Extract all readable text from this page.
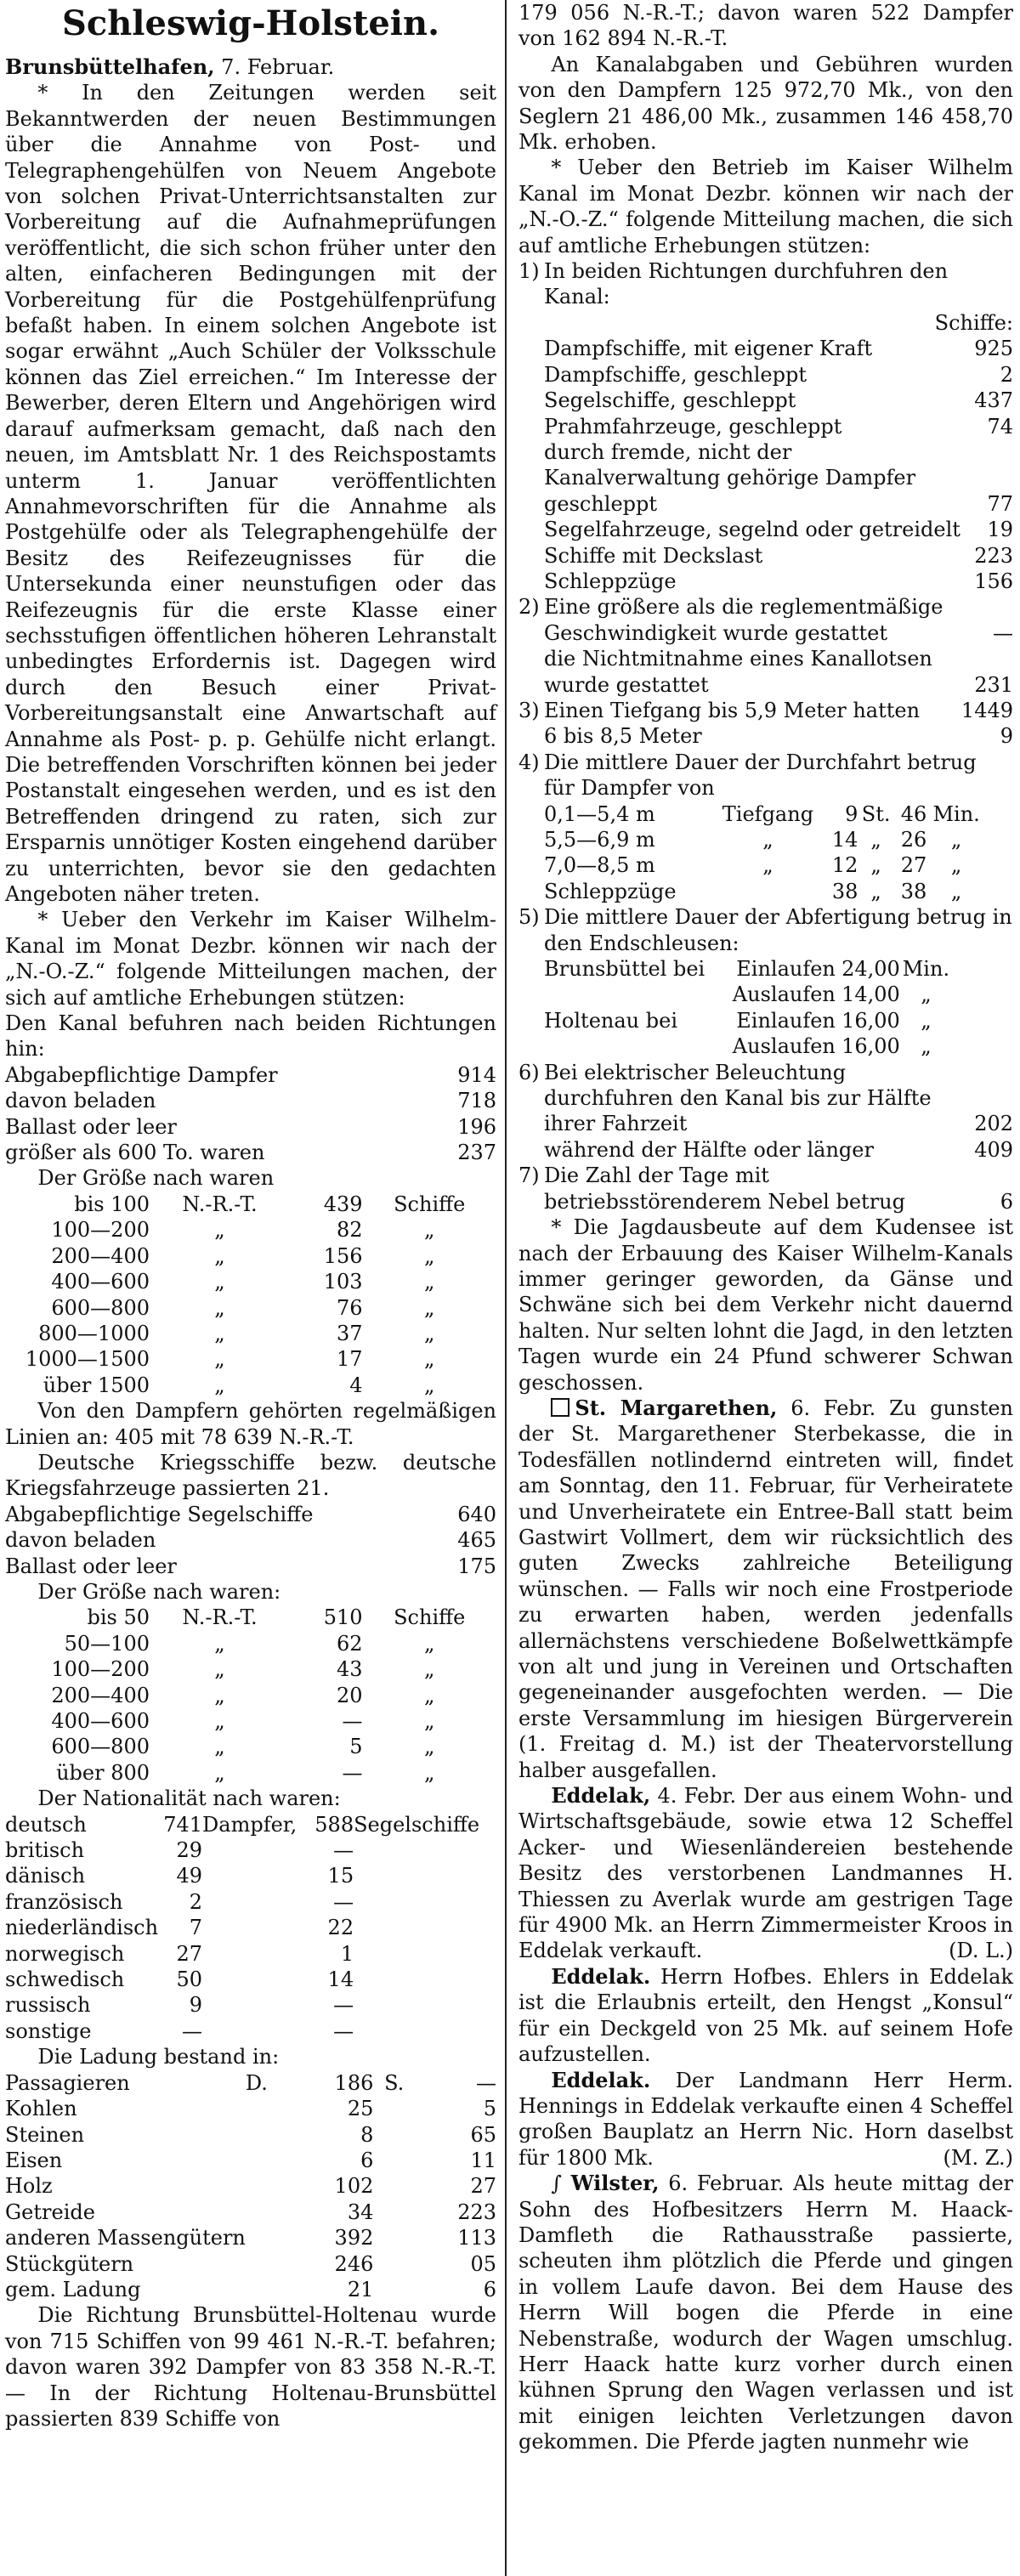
Schleswig-Holstein.

Brunsbüttelhafen, 7. Februar.

* In den Zeitungen werden seit Bekanntwerden der neuen Bestimmungen über die Annahme von Post- und Telegraphengehülfen von Neuem Angebote von solchen Privat-Unterrichtsanstalten zur Vorbereitung auf die Aufnahmeprüfungen veröffentlicht, die sich schon früher unter den alten, einfacheren Bedingungen mit der Vorbereitung für die Postgehülfenprüfung befaßt haben. In einem solchen Angebote ist sogar erwähnt „Auch Schüler der Volksschule können das Ziel erreichen.“ Im Interesse der Bewerber, deren Eltern und Angehörigen wird darauf aufmerksam gemacht, daß nach den neuen, im Amtsblatt Nr. 1 des Reichspostamts unterm 1. Januar veröffentlichten Annahmevorschriften für die Annahme als Postgehülfe oder als Telegraphengehülfe der Besitz des Reifezeugnisses für die Untersekunda einer neunstufigen oder das Reifezeugnis für die erste Klasse einer sechsstufigen öffentlichen höheren Lehranstalt unbedingtes Erfordernis ist. Dagegen wird durch den Besuch einer Privat-Vorbereitungsanstalt eine Anwartschaft auf Annahme als Post- p. p. Gehülfe nicht erlangt. Die betreffenden Vorschriften können bei jeder Postanstalt eingesehen werden, und es ist den Betreffenden dringend zu raten, sich zur Ersparnis unnötiger Kosten eingehend darüber zu unterrichten, bevor sie den gedachten Angeboten näher treten.

* Ueber den Verkehr im Kaiser Wilhelm-Kanal im Monat Dezbr. können wir nach der „N.-O.-Z.“ folgende Mitteilungen machen, der sich auf amtliche Erhebungen stützen:

Den Kanal befuhren nach beiden Richtungen hin:

Abgabepflichtige Dampfer	914
davon beladen	718
Ballast oder leer	196
größer als 600 To. waren	237

Der Größe nach waren

bis 100	N.-R.-T.	439	Schiffe
100—200	„	82	„
200—400	„	156	„
400—600	„	103	„
600—800	„	76	„
800—1000	„	37	„
1000—1500	„	17	„
über 1500	„	4	„

Von den Dampfern gehörten regelmäßigen Linien an: 405 mit 78 639 N.-R.-T.

Deutsche Kriegsschiffe bezw. deutsche Kriegsfahrzeuge passierten 21.

Abgabepflichtige Segelschiffe	640
davon beladen	465
Ballast oder leer	175

Der Größe nach waren:

bis 50	N.-R.-T.	510	Schiffe
50—100	„	62	„
100—200	„	43	„
200—400	„	20	„
400—600	„	—	„
600—800	„	5	„
über 800	„	—	„

Der Nationalität nach waren:

deutsch	741	Dampfer,	588	Segelschiffe
britisch	29		—	
dänisch	49		15	
französisch	2		—	
niederländisch	7		22	
norwegisch	27		1	
schwedisch	50		14	
russisch	9		—	
sonstige	—		—	

Die Ladung bestand in:

Passagieren	D.	186	S.	—
Kohlen		25		5
Steinen		8		65
Eisen		6		11
Holz		102		27
Getreide		34		223
anderen Massengütern		392		113
Stückgütern		246		05
gem. Ladung		21		6

Die Richtung Brunsbüttel-Holtenau wurde von 715 Schiffen von 99 461 N.-R.-T. befahren; davon waren 392 Dampfer von 83 358 N.-R.-T. — In der Richtung Holtenau-Brunsbüttel passierten 839 Schiffe von

179 056 N.-R.-T.; davon waren 522 Dampfer von 162 894 N.-R.-T.

An Kanalabgaben und Gebühren wurden von den Dampfern 125 972,70 Mk., von den Seglern 21 486,00 Mk., zusammen 146 458,70 Mk. erhoben.

* Ueber den Betrieb im Kaiser Wilhelm Kanal im Monat Dezbr. können wir nach der „N.-O.-Z.“ folgende Mitteilung machen, die sich auf amtliche Erhebungen stützen:

1) In beiden Richtungen durchfuhren den Kanal:
Schiffe:
Dampfschiffe, mit eigener Kraft	925
Dampfschiffe, geschleppt	2
Segelschiffe, geschleppt	437
Prahmfahrzeuge, geschleppt	74
durch fremde, nicht der Kanalverwaltung gehörige Dampfer geschleppt	77
Segelfahrzeuge, segelnd oder getreidelt	19
Schiffe mit Deckslast	223
Schleppzüge	156
2) Eine größere als die reglementmäßige Geschwindigkeit wurde gestattet	—
die Nichtmitnahme eines Kanallotsen wurde gestattet	231
3) Einen Tiefgang bis 5,9 Meter hatten 1449
6 bis 8,5 Meter	9
4) Die mittlere Dauer der Durchfahrt betrug für Dampfer von
0,1—5,4 m	Tiefgang	9	St.	46	Min.
5,5—6,9 m	„	14	„	26	„
7,0—8,5 m	„	12	„	27	„
Schleppzüge		38	„	38	„
5) Die mittlere Dauer der Abfertigung betrug in den Endschleusen:
Brunsbüttel bei	Einlaufen	24,00	Min.
	Auslaufen	14,00	„
Holtenau bei	Einlaufen	16,00	„
	Auslaufen	16,00	„
6) Bei elektrischer Beleuchtung durchfuhren den Kanal bis zur Hälfte ihrer Fahrzeit	202
während der Hälfte oder länger	409
7) Die Zahl der Tage mit betriebsstörenderem Nebel betrug	6

* Die Jagdausbeute auf dem Kudensee ist nach der Erbauung des Kaiser Wilhelm-Kanals immer geringer geworden, da Gänse und Schwäne sich bei dem Verkehr nicht dauernd halten. Nur selten lohnt die Jagd, in den letzten Tagen wurde ein 24 Pfund schwerer Schwan geschossen.

St. Margarethen, 6. Febr. Zu gunsten der St. Margarethener Sterbekasse, die in Todesfällen notlindernd eintreten will, findet am Sonntag, den 11. Februar, für Verheiratete und Unverheiratete ein Entree-Ball statt beim Gastwirt Vollmert, dem wir rücksichtlich des guten Zwecks zahlreiche Beteiligung wünschen. — Falls wir noch eine Frostperiode zu erwarten haben, werden jedenfalls allernächstens verschiedene Boßelwettkämpfe von alt und jung in Vereinen und Ortschaften gegeneinander ausgefochten werden. — Die erste Versammlung im hiesigen Bürgerverein (1. Freitag d. M.) ist der Theatervorstellung halber ausgefallen.

Eddelak, 4. Febr. Der aus einem Wohn- und Wirtschaftsgebäude, sowie etwa 12 Scheffel Acker- und Wiesenländereien bestehende Besitz des verstorbenen Landmannes H. Thiessen zu Averlak wurde am gestrigen Tage für 4900 Mk. an Herrn Zimmermeister Kroos in Eddelak verkauft.	(D. L.)

Eddelak. Herrn Hofbes. Ehlers in Eddelak ist die Erlaubnis erteilt, den Hengst „Konsul“ für ein Deckgeld von 25 Mk. auf seinem Hofe aufzustellen.

Eddelak. Der Landmann Herr Herm. Hennings in Eddelak verkaufte einen 4 Scheffel großen Bauplatz an Herrn Nic. Horn daselbst für 1800 Mk.	(M. Z.)

∫ Wilster, 6. Februar. Als heute mittag der Sohn des Hofbesitzers Herrn M. Haack-Damfleth die Rathausstraße passierte, scheuten ihm plötzlich die Pferde und gingen in vollem Laufe davon. Bei dem Hause des Herrn Will bogen die Pferde in eine Nebenstraße, wodurch der Wagen umschlug. Herr Haack hatte kurz vorher durch einen kühnen Sprung den Wagen verlassen und ist mit einigen leichten Verletzungen davon gekommen. Die Pferde jagten nunmehr wie
